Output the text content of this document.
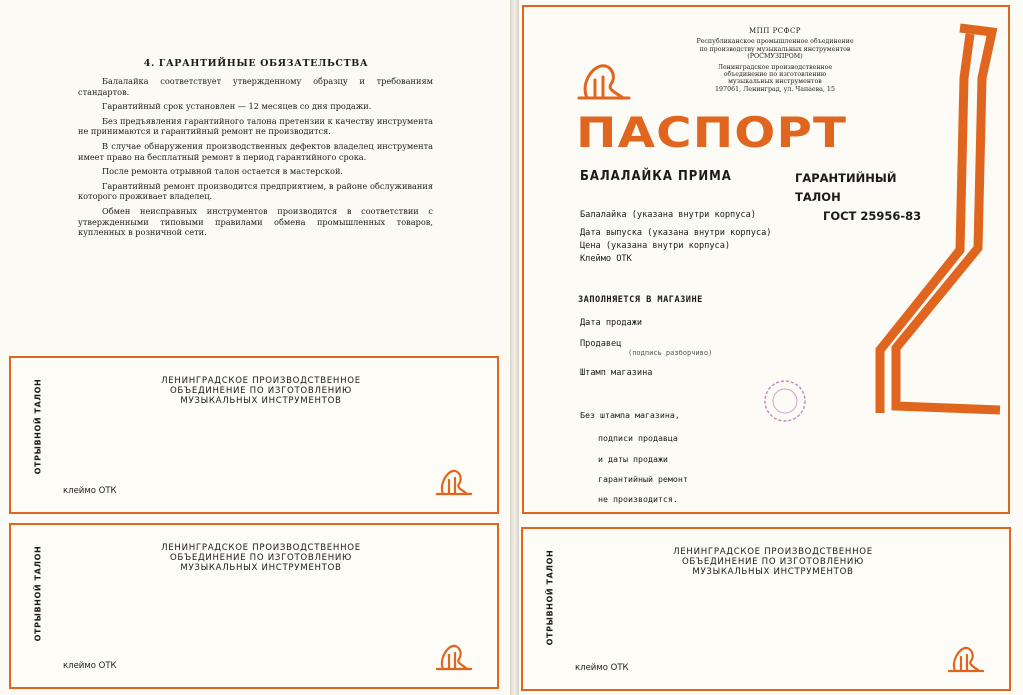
4. ГАРАНТИЙНЫЕ ОБЯЗАТЕЛЬСТВА

Балалайка соответствует утвержденному образцу и требованиям стандартов.

Гарантийный срок установлен — 12 месяцев со дня продажи.

Без предъявления гарантийного талона претензии к качеству инструмента не принимаются и гарантийный ремонт не производится.

В случае обнаружения производственных дефектов владелец инструмента имеет право на бесплатный ремонт в период гарантийного срока.

После ремонта отрывной талон остается в мастерской.

Гарантийный ремонт производится предприятием, в районе обслуживания которого проживает владелец.

Обмен неисправных инструментов производится в соответствии с утвержденными типовыми правилами обмена промышленных товаров, купленных в розничной сети.

ОТРЫВНОЙ ТАЛОН	ЛЕНИНГРАДСКОЕ ПРОИЗВОДСТВЕННОЕ
ОБЪЕДИНЕНИЕ ПО ИЗГОТОВЛЕНИЮ
МУЗЫКАЛЬНЫХ ИНСТРУМЕНТОВ
клеймо ОТК
ОТРЫВНОЙ ТАЛОН	ЛЕНИНГРАДСКОЕ ПРОИЗВОДСТВЕННОЕ
ОБЪЕДИНЕНИЕ ПО ИЗГОТОВЛЕНИЮ
МУЗЫКАЛЬНЫХ ИНСТРУМЕНТОВ
клеймо ОТК
МПП РСФСР
Республиканское промышленное объединение
по производству музыкальных инструментов
(РОСМУЗПРОМ)
Ленинградское производственное
объединение по изготовлению
музыкальных инструментов
197061, Ленинград, ул. Чапаева, 15
ПАСПОРТ
БАЛАЛАЙКА ПРИМА	ГАРАНТИЙНЫЙ ТАЛОН
ГОСТ 25956-83
Балалайка (указана внутри корпуса)
Дата выпуска (указана внутри корпуса)
Цена (указана внутри корпуса)
Клеймо ОТК
ЗАПОЛНЯЕТСЯ В МАГАЗИНЕ
Дата продажи
Продавец
(подпись разборчиво)
Штамп магазина
Без штампа магазина,
подписи продавца
и даты продажи
гарантийный ремонт
не производится.
ОТРЫВНОЙ ТАЛОН	ЛЕНИНГРАДСКОЕ ПРОИЗВОДСТВЕННОЕ
ОБЪЕДИНЕНИЕ ПО ИЗГОТОВЛЕНИЮ
МУЗЫКАЛЬНЫХ ИНСТРУМЕНТОВ
клеймо ОТК
